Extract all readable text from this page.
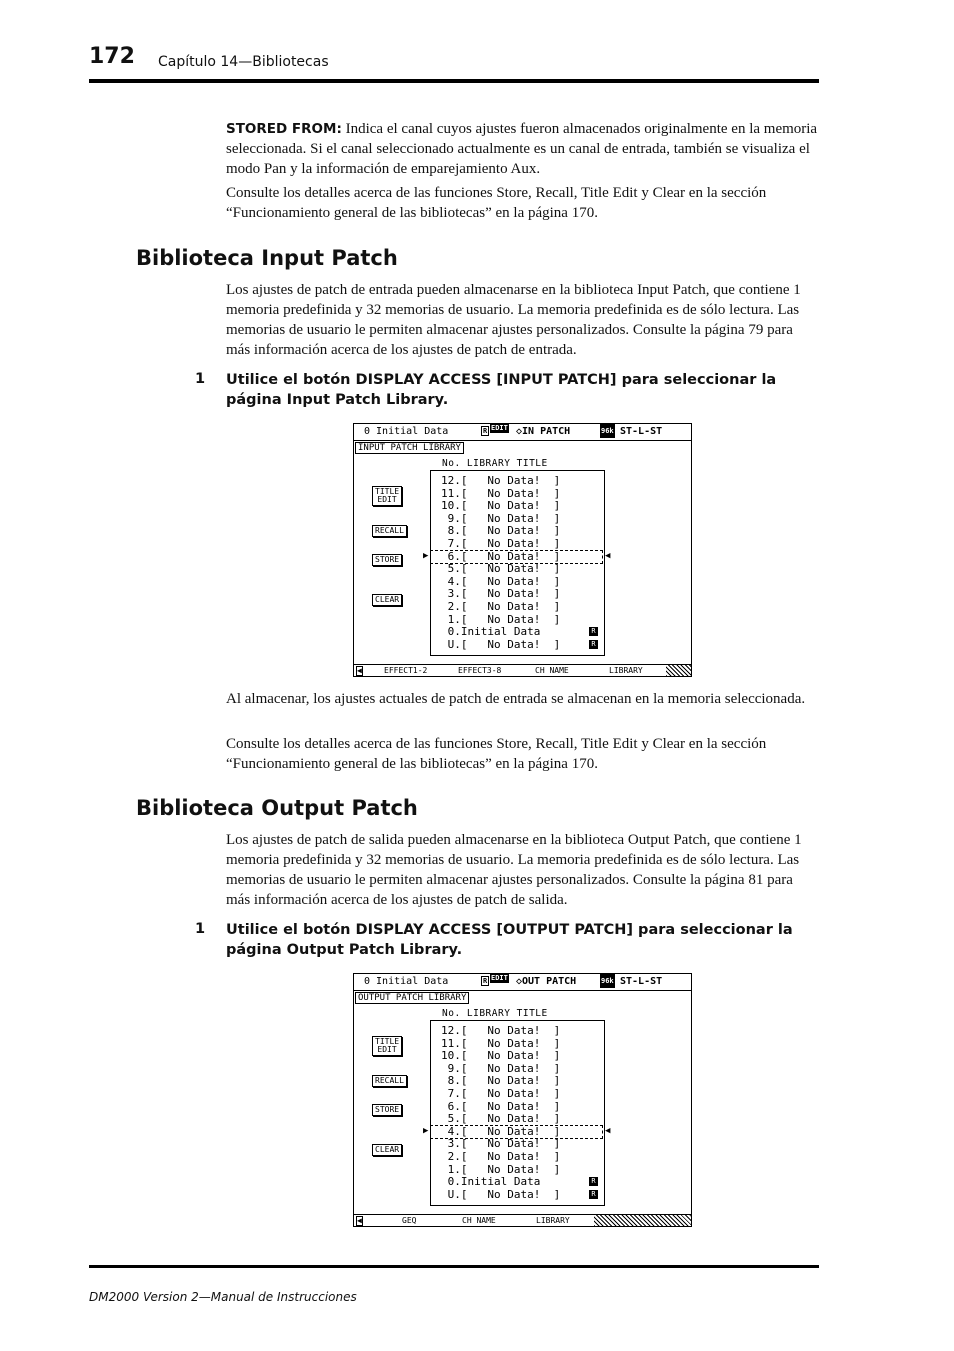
172 Capítulo 14—Bibliotecas

STORED FROM: Indica el canal cuyos ajustes fueron almacenados originalmente en la memoria seleccionada. Si el canal seleccionado actualmente es un canal de entrada, también se visualiza el modo Pan y la información de emparejamiento Aux.

Consulte los detalles acerca de las funciones Store, Recall, Title Edit y Clear en la sección “Funcionamiento general de las bibliotecas” en la página 170.

Biblioteca Input Patch

Los ajustes de patch de entrada pueden almacenarse en la biblioteca Input Patch, que contiene 1 memoria predefinida y 32 memorias de usuario. La memoria predefinida es de sólo lectura. Las memorias de usuario le permiten almacenar ajustes personalizados. Consulte la página 79 para más información acerca de los ajustes de patch de entrada.

1 Utilice el botón DISPLAY ACCESS [INPUT PATCH] para seleccionar la página Input Patch Library.

0 Initial Data	R EDIT ◇IN PATCH	96k ST-L-ST
INPUT PATCH LIBRARY
No. LIBRARY TITLE
12.[   No Data!  ]
11.[   No Data!  ]
10.[   No Data!  ]
9.[   No Data!  ]
8.[   No Data!  ]
7.[   No Data!  ]
6.[   No Data!  ]
5.[   No Data!  ]
4.[   No Data!  ]
3.[   No Data!  ]
2.[   No Data!  ]
1.[   No Data!  ]
0.Initial Data	R
U.[   No Data!  ]	R
▶	◀
TITLE
EDIT
RECALL
STORE
CLEAR
◀	EFFECT1-2	EFFECT3-8	CH NAME	LIBRARY

Al almacenar, los ajustes actuales de patch de entrada se almacenan en la memoria seleccionada.

Consulte los detalles acerca de las funciones Store, Recall, Title Edit y Clear en la sección “Funcionamiento general de las bibliotecas” en la página 170.

Biblioteca Output Patch

Los ajustes de patch de salida pueden almacenarse en la biblioteca Output Patch, que contiene 1 memoria predefinida y 32 memorias de usuario. La memoria predefinida es de sólo lectura. Las memorias de usuario le permiten almacenar ajustes personalizados. Consulte la página 81 para más información acerca de los ajustes de patch de salida.

1 Utilice el botón DISPLAY ACCESS [OUTPUT PATCH] para seleccionar la página Output Patch Library.

0 Initial Data	R EDIT ◇OUT PATCH	96k ST-L-ST
OUTPUT PATCH LIBRARY
No. LIBRARY TITLE
12.[   No Data!  ]
11.[   No Data!  ]
10.[   No Data!  ]
9.[   No Data!  ]
8.[   No Data!  ]
7.[   No Data!  ]
6.[   No Data!  ]
5.[   No Data!  ]
4.[   No Data!  ]
3.[   No Data!  ]
2.[   No Data!  ]
1.[   No Data!  ]
0.Initial Data	R
U.[   No Data!  ]	R
▶	◀
TITLE
EDIT
RECALL
STORE
CLEAR
◀	GEQ	CH NAME	LIBRARY
DM2000 Version 2—Manual de Instrucciones
